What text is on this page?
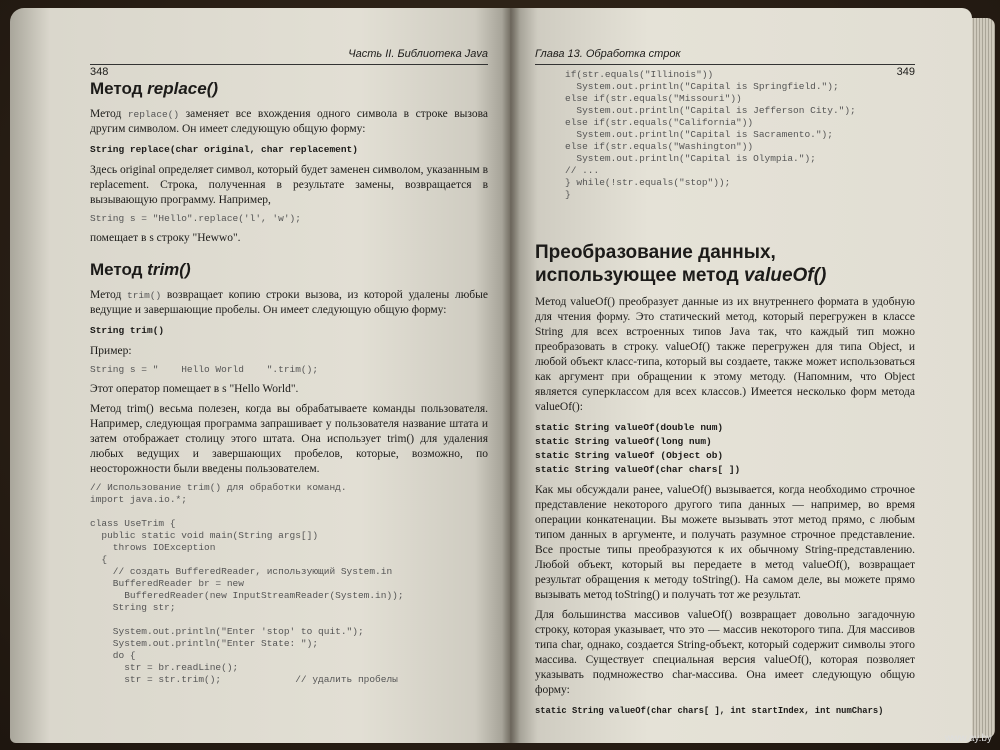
Часть II. Библиотека Java
348
Метод replace()

Метод replace() заменяет все вхождения одного символа в строке вызова другим символом. Он имеет следующую общую форму:

String replace(char original, char replacement)

Здесь original определяет символ, который будет заменен символом, указанным в replacement. Строка, полученная в результате замены, возвращается в вызывающую программу. Например,

String s = "Hello".replace('l', 'w');

помещает в s строку "Hewwo".

Метод trim()

Метод trim() возвращает копию строки вызова, из которой удалены любые ведущие и завершающие пробелы. Он имеет следующую общую форму:

String trim()

Пример:

String s = "    Hello World    ".trim();

Этот оператор помещает в s "Hello World".

Метод trim() весьма полезен, когда вы обрабатываете команды пользователя. Например, следующая программа запрашивает у пользователя название штата и затем отображает столицу этого штата. Она использует trim() для удаления любых ведущих и завершающих пробелов, которые, возможно, по неосторожности были введены пользователем.

// Использование trim() для обработки команд.
import java.io.*;

class UseTrim {
public static void main(String args[])
throws IOException
{
// создать BufferedReader, использующий System.in
BufferedReader br = new
BufferedReader(new InputStreamReader(System.in));
String str;

System.out.println("Enter 'stop' to quit.");
System.out.println("Enter State: ");
do {
str = br.readLine();
str = str.trim();             // удалить пробелы
Глава 13. Обработка строк
349
if(str.equals("Illinois"))
System.out.println("Capital is Springfield.");
else if(str.equals("Missouri"))
System.out.println("Capital is Jefferson City.");
else if(str.equals("California"))
System.out.println("Capital is Sacramento.");
else if(str.equals("Washington"))
System.out.println("Capital is Olympia.");
// ...
} while(!str.equals("stop"));
}
Преобразование данных,
использующее метод valueOf()

Метод valueOf() преобразует данные из их внутреннего формата в удобную для чтения форму. Это статический метод, который перегружен в классе String для всех встроенных типов Java так, что каждый тип можно преобразовать в строку. valueOf() также перегружен для типа Object, и любой объект класс-типа, который вы создаете, также может использоваться как аргумент при обращении к этому методу. (Напомним, что Object является суперклассом для всех классов.) Имеется несколько форм метода valueOf():

static String valueOf(double num)
static String valueOf(long num)
static String valueOf (Object ob)
static String valueOf(char chars[ ])

Как мы обсуждали ранее, valueOf() вызывается, когда необходимо строчное представление некоторого другого типа данных — например, во время операции конкатенации. Вы можете вызывать этот метод прямо, с любым типом данных в аргументе, и получать разумное строчное представление. Все простые типы преобразуются к их обычному String-представлению. Любой объект, который вы передаете в метод valueOf(), возвращает результат обращения к методу toString(). На самом деле, вы можете прямо вызывать метод toString() и получать тот же результат.

Для большинства массивов valueOf() возвращает довольно загадочную строку, которая указывает, что это — массив некоторого типа. Для массивов типа char, однако, создается String-объект, который содержит символы этого массива. Существует специальная версия valueOf(), которая позволяет указывать подмножество char-массива. Она имеет следующую общую форму:

static String valueOf(char chars[ ], int startIndex, int numChars)
www.ay.by
